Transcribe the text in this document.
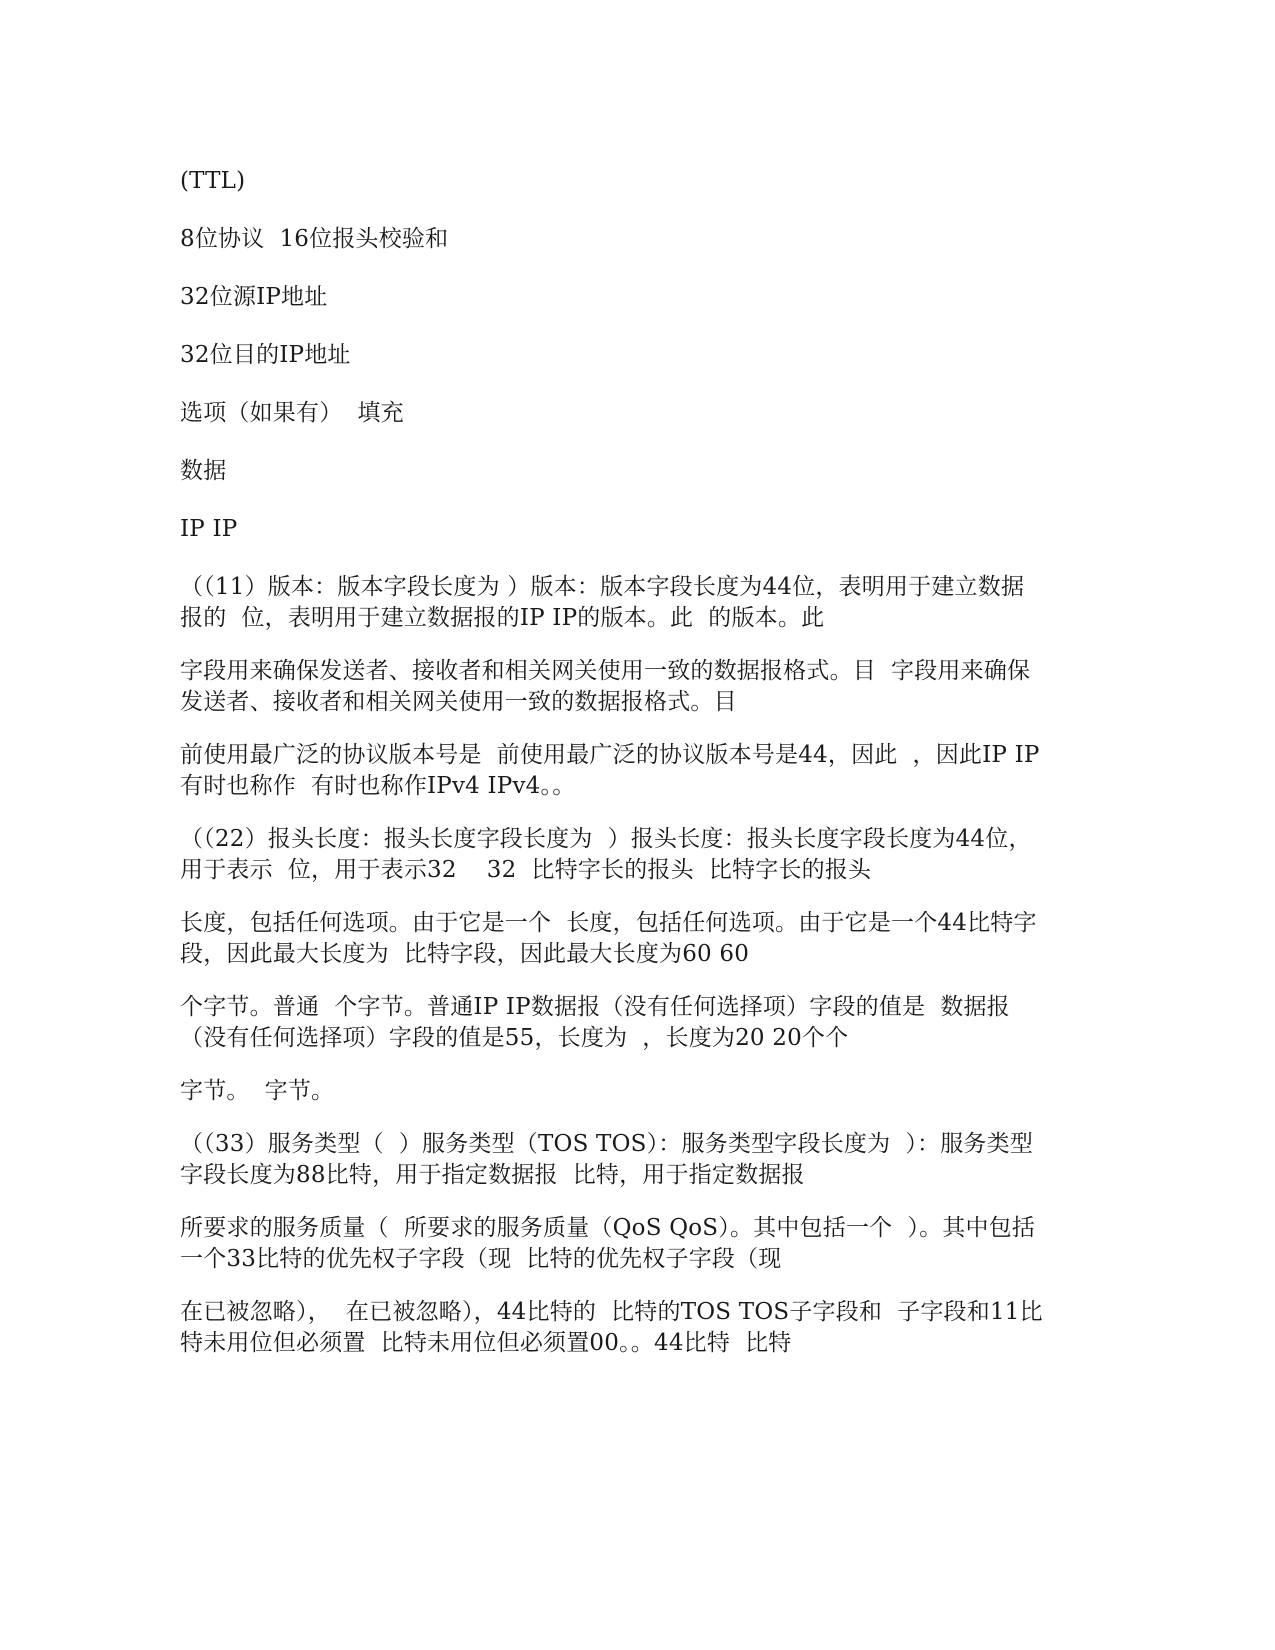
(TTL)

8位协议  16位报头校验和

32位源IP地址

32位目的IP地址

选项（如果有）  填充

数据

IP IP

（（11）版本：版本字段长度为 ）版本：版本字段长度为44位，表明用于建立数据报的  位，表明用于建立数据报的IP IP的版本。此  的版本。此

字段用来确保发送者、接收者和相关网关使用一致的数据报格式。目  字段用来确保发送者、接收者和相关网关使用一致的数据报格式。目

前使用最广泛的协议版本号是  前使用最广泛的协议版本号是44，因此  ，因此IP IP有时也称作  有时也称作IPv4 IPv4。。

（（22）报头长度：报头长度字段长度为  ）报头长度：报头长度字段长度为44位，用于表示  位，用于表示32    32  比特字长的报头  比特字长的报头

长度，包括任何选项。由于它是一个  长度，包括任何选项。由于它是一个44比特字段，因此最大长度为  比特字段，因此最大长度为60 60

个字节。普通  个字节。普通IP IP数据报（没有任何选择项）字段的值是  数据报（没有任何选择项）字段的值是55，长度为  ，长度为20 20个个

字节。  字节。

（（33）服务类型（  ）服务类型（TOS TOS）：服务类型字段长度为  ）：服务类型字段长度为88比特，用于指定数据报  比特，用于指定数据报

所要求的服务质量（  所要求的服务质量（QoS QoS）。其中包括一个  ）。其中包括一个33比特的优先权子字段（现  比特的优先权子字段（现

在已被忽略），  在已被忽略），44比特的  比特的TOS TOS子字段和  子字段和11比特未用位但必须置  比特未用位但必须置00。。44比特  比特
